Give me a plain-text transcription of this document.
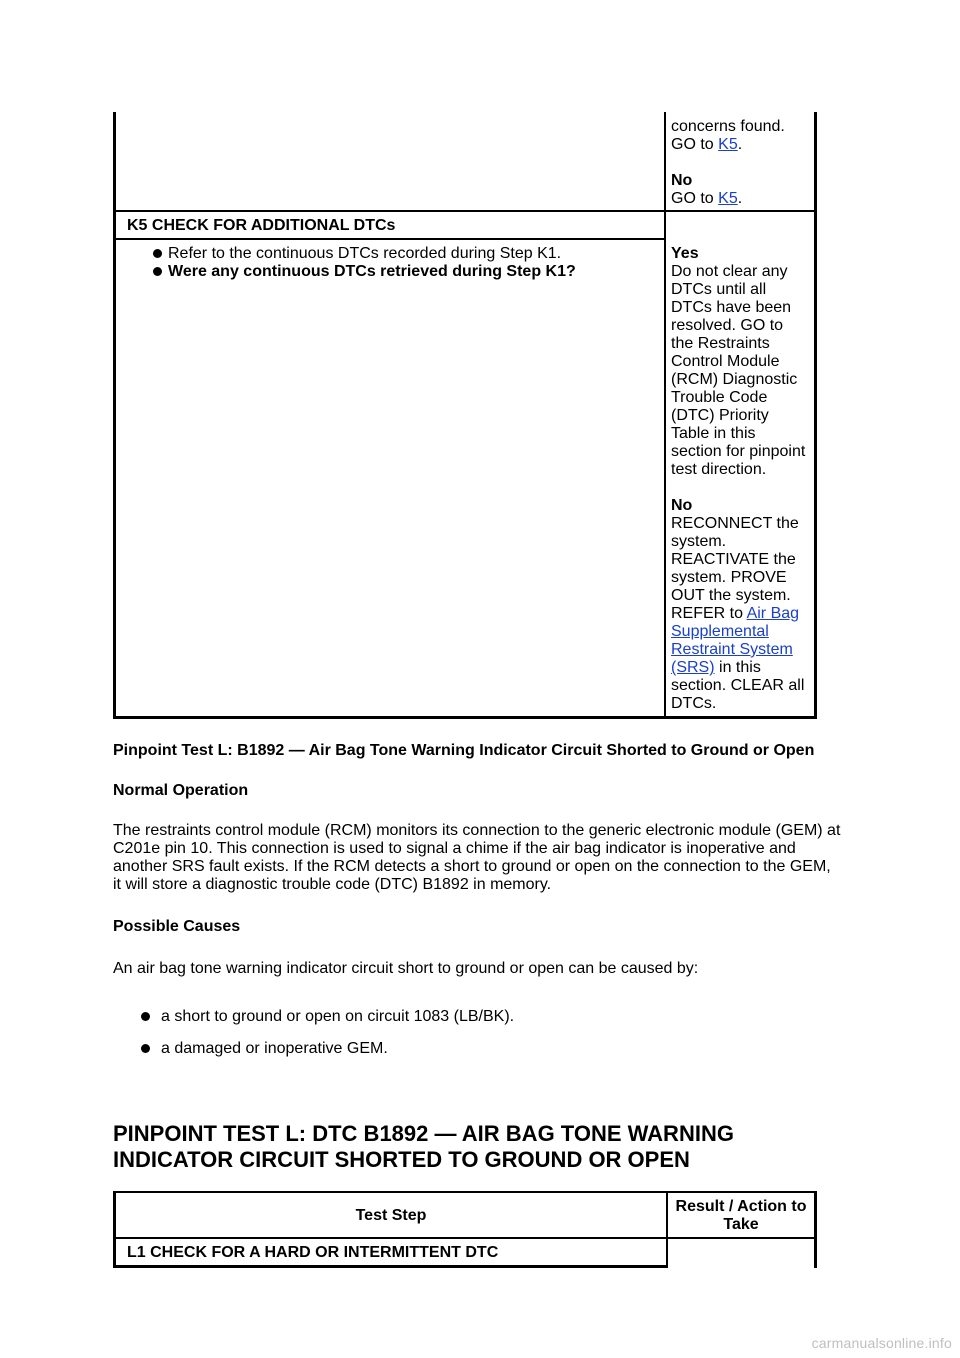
concerns found.
GO to K5.
No
GO to K5.
K5 CHECK FOR ADDITIONAL DTCs
Refer to the continuous DTCs recorded during Step K1.
Were any continuous DTCs retrieved during Step K1?
Yes
Do not clear any
DTCs until all
DTCs have been
resolved. GO to
the Restraints
Control Module
(RCM) Diagnostic
Trouble Code
(DTC) Priority
Table in this
section for pinpoint
test direction.
No
RECONNECT the
system.
REACTIVATE the
system. PROVE
OUT the system.
REFER to Air Bag
Supplemental
Restraint System
(SRS) in this
section. CLEAR all
DTCs.
Pinpoint Test L: B1892 — Air Bag Tone Warning Indicator Circuit Shorted to Ground or Open
Normal Operation
The restraints control module (RCM) monitors its connection to the generic electronic module (GEM) at
C201e pin 10. This connection is used to signal a chime if the air bag indicator is inoperative and
another SRS fault exists. If the RCM detects a short to ground or open on the connection to the GEM,
it will store a diagnostic trouble code (DTC) B1892 in memory.
Possible Causes
An air bag tone warning indicator circuit short to ground or open can be caused by:
a short to ground or open on circuit 1083 (LB/BK).
a damaged or inoperative GEM.
PINPOINT TEST L: DTC B1892 — AIR BAG TONE WARNING
INDICATOR CIRCUIT SHORTED TO GROUND OR OPEN
Test Step
Result / Action to
Take
L1 CHECK FOR A HARD OR INTERMITTENT DTC
carmanualsonline.info
